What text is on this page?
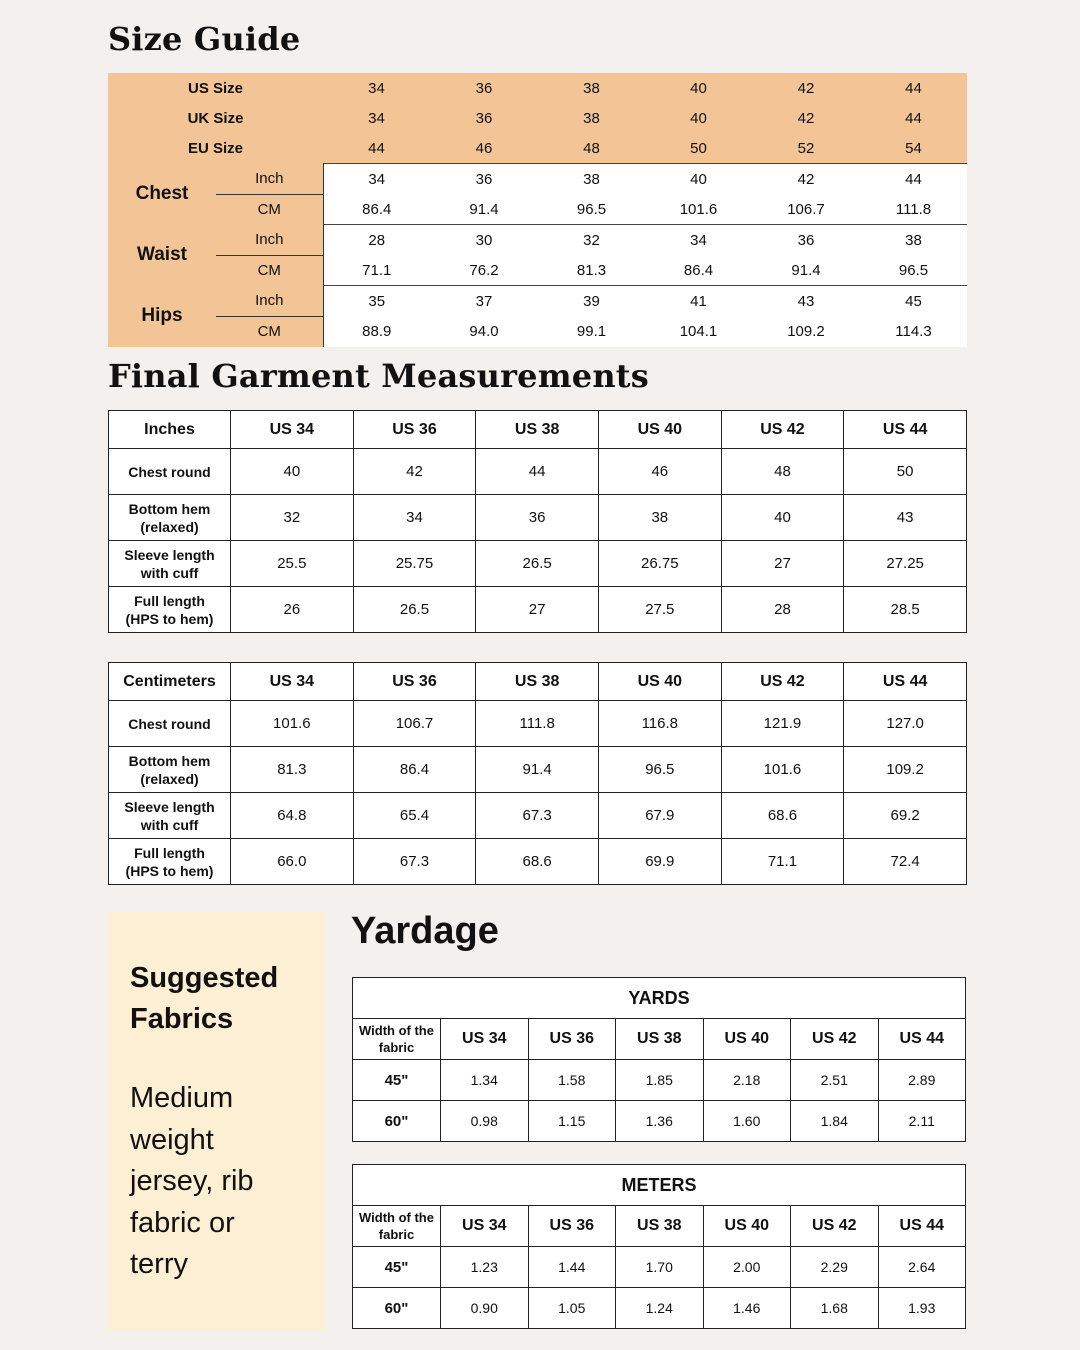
Size Guide
US Size		34	36	38	40	42	44
UK Size		34	36	38	40	42	44
EU Size		44	46	48	50	52	54
Chest	Inch	34	36	38	40	42	44
	CM	86.4	91.4	96.5	101.6	106.7	111.8
Waist	Inch	28	30	32	34	36	38
	CM	71.1	76.2	81.3	86.4	91.4	96.5
Hips	Inch	35	37	39	41	43	45
	CM	88.9	94.0	99.1	104.1	109.2	114.3
Final Garment Measurements
Inches	US 34	US 36	US 38	US 40	US 42	US 44

Chest round	40	42	44	46	48	50

Bottom hem
(relaxed)	32	34	36	38	40	43

Sleeve length
with cuff	25.5	25.75	26.5	26.75	27	27.25

Full length
(HPS to hem)	26	26.5	27	27.5	28	28.5
Centimeters	US 34	US 36	US 38	US 40	US 42	US 44

Chest round	101.6	106.7	111.8	116.8	121.9	127.0

Bottom hem
(relaxed)	81.3	86.4	91.4	96.5	101.6	109.2

Sleeve length
with cuff	64.8	65.4	67.3	67.9	68.6	69.2

Full length
(HPS to hem)	66.0	67.3	68.6	69.9	71.1	72.4
Suggested
Fabrics
Medium
weight
jersey, rib
fabric or
terry
Yardage
YARDS						

Width of the
fabric	US 34	US 36	US 38	US 40	US 42	US 44
45"	1.34	1.58	1.85	2.18	2.51	2.89
60"	0.98	1.15	1.36	1.60	1.84	2.11
METERS						

Width of the
fabric	US 34	US 36	US 38	US 40	US 42	US 44
45"	1.23	1.44	1.70	2.00	2.29	2.64
60"	0.90	1.05	1.24	1.46	1.68	1.93
